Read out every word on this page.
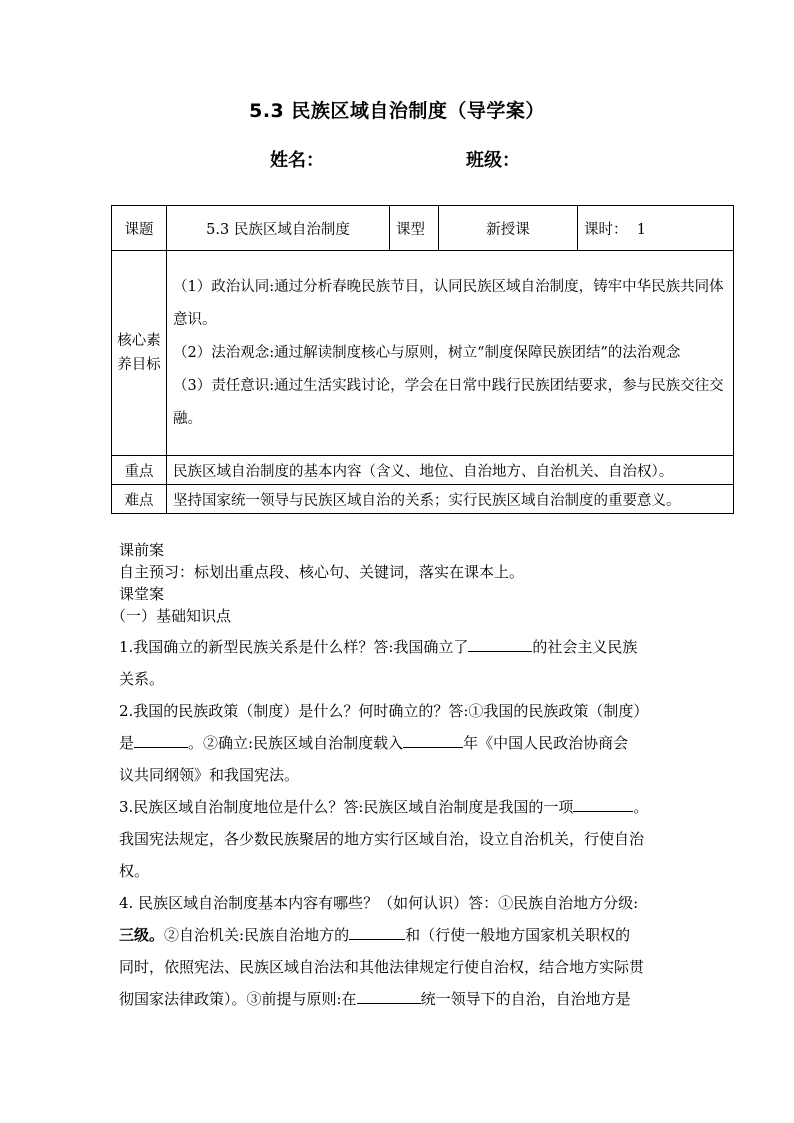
5.3 民族区域自治制度（导学案）
姓名：	班级：
课题	5.3 民族区域自治制度	课型	新授课	课时： 1
核心素养目标	（1）政治认同:通过分析春晚民族节目，认同民族区域自治制度，铸牢中华民族共同体意识。

（2）法治观念:通过解读制度核心与原则，树立“制度保障民族团结”的法治观念

（3）责任意识:通过生活实践讨论，学会在日常中践行民族团结要求，参与民族交往交融。			

重点	民族区域自治制度的基本内容（含义、地位、自治地方、自治机关、自治权）。			
难点	坚持国家统一领导与民族区域自治的关系；实行民族区域自治制度的重要意义。			

课前案

自主预习：标划出重点段、核心句、关键词，落实在课本上。

课堂案

（一）基础知识点

1.我国确立的新型民族关系是什么样？答:我国确立了	的社会主义民族

关系。

2.我国的民族政策（制度）是什么？何时确立的？答:①我国的民族政策（制度）

是	。②确立:民族区域自治制度载入	年《中国人民政治协商会

议共同纲领》和我国宪法。

3.民族区域自治制度地位是什么？答:民族区域自治制度是我国的一项	。

我国宪法规定，各少数民族聚居的地方实行区域自治，设立自治机关，行使自治

权。

4. 民族区域自治制度基本内容有哪些？（如何认识）答：①民族自治地方分级:

三级。②自治机关:民族自治地方的	和（行使一般地方国家机关职权的

同时，依照宪法、民族区域自治法和其他法律规定行使自治权，结合地方实际贯

彻国家法律政策）。③前提与原则:在	统一领导下的自治，自治地方是
